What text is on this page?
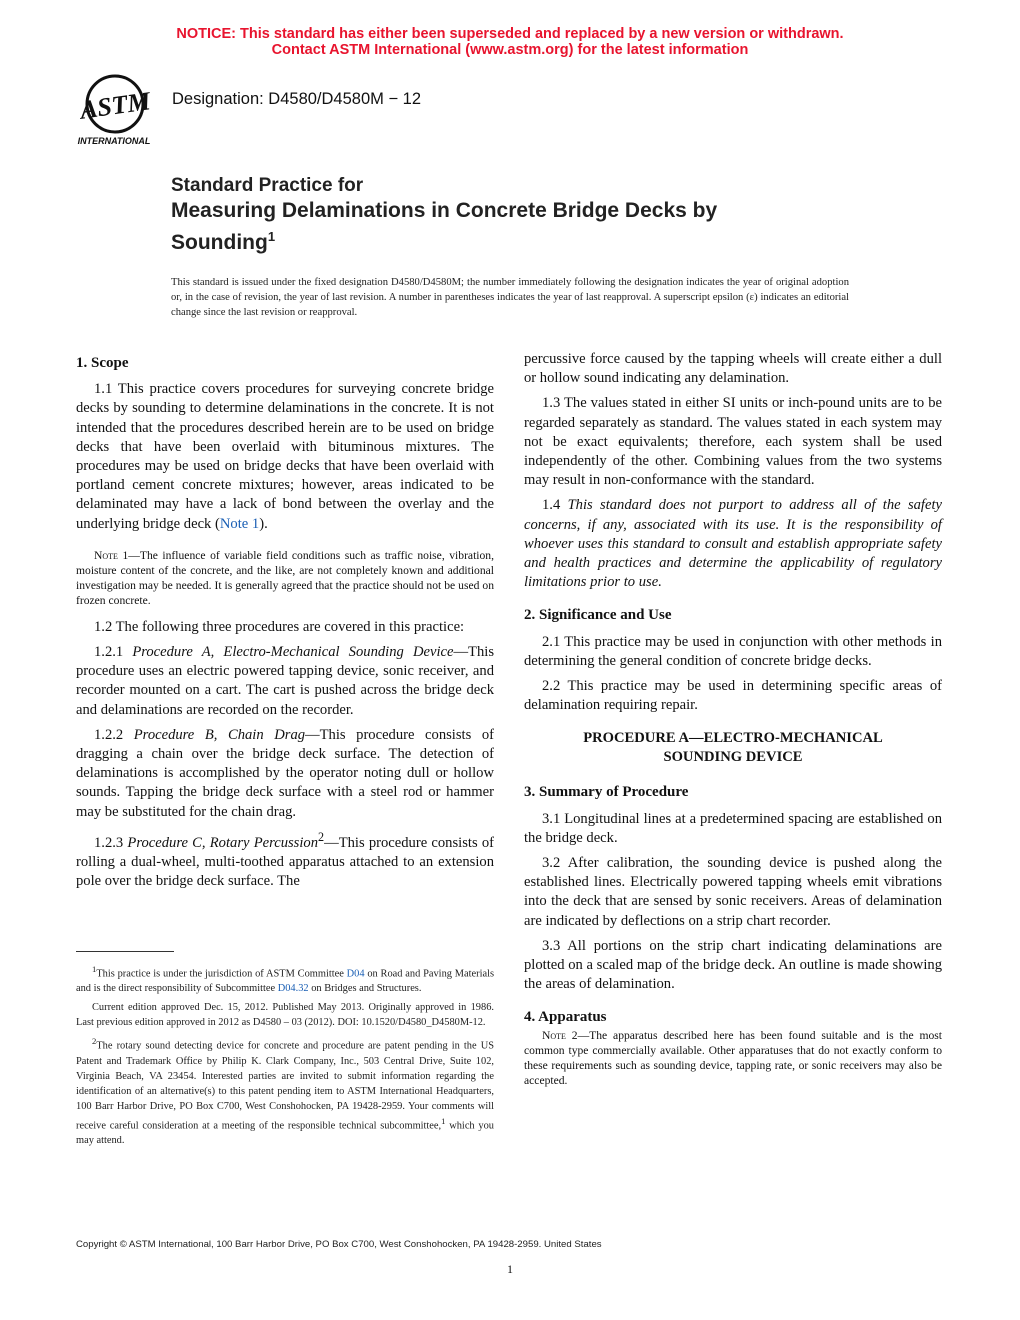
NOTICE: This standard has either been superseded and replaced by a new version or withdrawn.
Contact ASTM International (www.astm.org) for the latest information
ASTM
INTERNATIONAL
Designation: D4580/D4580M − 12
Standard Practice for
Measuring Delaminations in Concrete Bridge Decks by
Sounding$^1$
This standard is issued under the fixed designation D4580/D4580M; the number immediately following the designation indicates the year of original adoption or, in the case of revision, the year of last revision. A number in parentheses indicates the year of last reapproval. A superscript epsilon (ε) indicates an editorial change since the last revision or reapproval.
1. Scope

1.1 This practice covers procedures for surveying concrete bridge decks by sounding to determine delaminations in the concrete. It is not intended that the procedures described herein are to be used on bridge decks that have been overlaid with bituminous mixtures. The procedures may be used on bridge decks that have been overlaid with portland cement concrete mixtures; however, areas indicated to be delaminated may have a lack of bond between the overlay and the underlying bridge deck (Note 1).

Note 1—The influence of variable field conditions such as traffic noise, vibration, moisture content of the concrete, and the like, are not completely known and additional investigation may be needed. It is generally agreed that the practice should not be used on frozen concrete.

1.2 The following three procedures are covered in this practice:

1.2.1 Procedure A, Electro-Mechanical Sounding Device—This procedure uses an electric powered tapping device, sonic receiver, and recorder mounted on a cart. The cart is pushed across the bridge deck and delaminations are recorded on the recorder.

1.2.2 Procedure B, Chain Drag—This procedure consists of dragging a chain over the bridge deck surface. The detection of delaminations is accomplished by the operator noting dull or hollow sounds. Tapping the bridge deck surface with a steel rod or hammer may be substituted for the chain drag.

1.2.3 Procedure C, Rotary Percussion$^2$—This procedure consists of rolling a dual-wheel, multi-toothed apparatus attached to an extension pole over the bridge deck surface. The

$^1$This practice is under the jurisdiction of ASTM Committee D04 on Road and Paving Materials and is the direct responsibility of Subcommittee D04.32 on Bridges and Structures.

Current edition approved Dec. 15, 2012. Published May 2013. Originally approved in 1986. Last previous edition approved in 2012 as D4580 – 03 (2012). DOI: 10.1520/D4580_D4580M-12.

$^2$The rotary sound detecting device for concrete and procedure are patent pending in the US Patent and Trademark Office by Philip K. Clark Company, Inc., 503 Central Drive, Suite 102, Virginia Beach, VA 23454. Interested parties are invited to submit information regarding the identification of an alternative(s) to this patent pending item to ASTM International Headquarters, 100 Barr Harbor Drive, PO Box C700, West Conshohocken, PA 19428-2959. Your comments will receive careful consideration at a meeting of the responsible technical subcommittee,$^1$ which you may attend.

percussive force caused by the tapping wheels will create either a dull or hollow sound indicating any delamination.

1.3 The values stated in either SI units or inch-pound units are to be regarded separately as standard. The values stated in each system may not be exact equivalents; therefore, each system shall be used independently of the other. Combining values from the two systems may result in non-conformance with the standard.

1.4 This standard does not purport to address all of the safety concerns, if any, associated with its use. It is the responsibility of whoever uses this standard to consult and establish appropriate safety and health practices and determine the applicability of regulatory limitations prior to use.

2. Significance and Use

2.1 This practice may be used in conjunction with other methods in determining the general condition of concrete bridge decks.

2.2 This practice may be used in determining specific areas of delamination requiring repair.

PROCEDURE A—ELECTRO-MECHANICAL
SOUNDING DEVICE
3. Summary of Procedure

3.1 Longitudinal lines at a predetermined spacing are established on the bridge deck.

3.2 After calibration, the sounding device is pushed along the established lines. Electrically powered tapping wheels emit vibrations into the deck that are sensed by sonic receivers. Areas of delamination are indicated by deflections on a strip chart recorder.

3.3 All portions on the strip chart indicating delaminations are plotted on a scaled map of the bridge deck. An outline is made showing the areas of delamination.

4. Apparatus
Note 2—The apparatus described here has been found suitable and is the most common type commercially available. Other apparatuses that do not exactly conform to these requirements such as sounding device, tapping rate, or sonic receivers may also be accepted.
Copyright © ASTM International, 100 Barr Harbor Drive, PO Box C700, West Conshohocken, PA 19428-2959. United States
1
